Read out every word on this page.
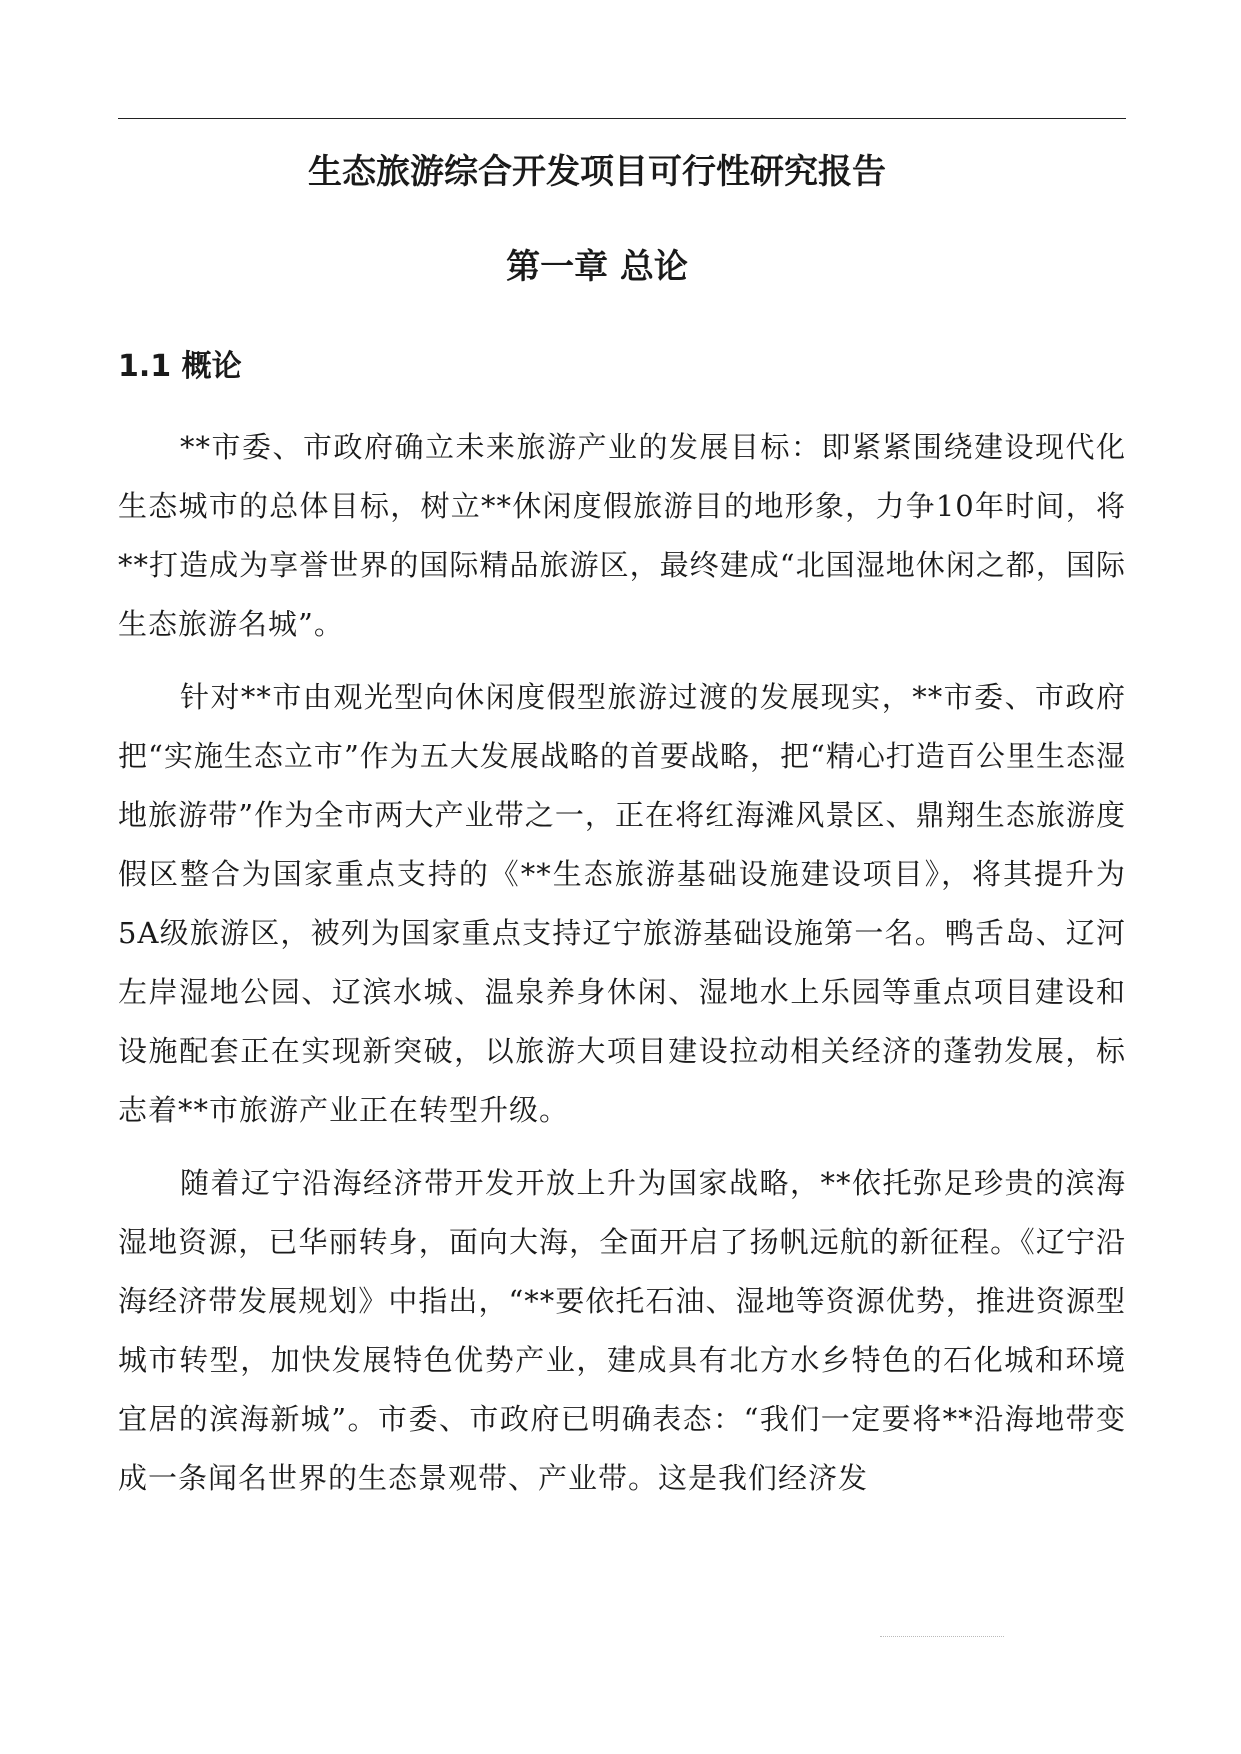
生态旅游综合开发项目可行性研究报告
第一章 总论
1.1 概论

**市委、市政府确立未来旅游产业的发展目标：即紧紧围绕建设现代化生态城市的总体目标，树立**休闲度假旅游目的地形象，力争10年时间，将**打造成为享誉世界的国际精品旅游区，最终建成“北国湿地休闲之都，国际生态旅游名城”。

针对**市由观光型向休闲度假型旅游过渡的发展现实，**市委、市政府把“实施生态立市”作为五大发展战略的首要战略，把“精心打造百公里生态湿地旅游带”作为全市两大产业带之一，正在将红海滩风景区、鼎翔生态旅游度假区整合为国家重点支持的《**生态旅游基础设施建设项目》，将其提升为5A级旅游区，被列为国家重点支持辽宁旅游基础设施第一名。鸭舌岛、辽河左岸湿地公园、辽滨水城、温泉养身休闲、湿地水上乐园等重点项目建设和设施配套正在实现新突破，以旅游大项目建设拉动相关经济的蓬勃发展，标志着**市旅游产业正在转型升级。

随着辽宁沿海经济带开发开放上升为国家战略，**依托弥足珍贵的滨海湿地资源，已华丽转身，面向大海，全面开启了扬帆远航的新征程。《辽宁沿海经济带发展规划》中指出，“**要依托石油、湿地等资源优势，推进资源型城市转型，加快发展特色优势产业，建成具有北方水乡特色的石化城和环境宜居的滨海新城”。市委、市政府已明确表态：“我们一定要将**沿海地带变成一条闻名世界的生态景观带、产业带。这是我们经济发
